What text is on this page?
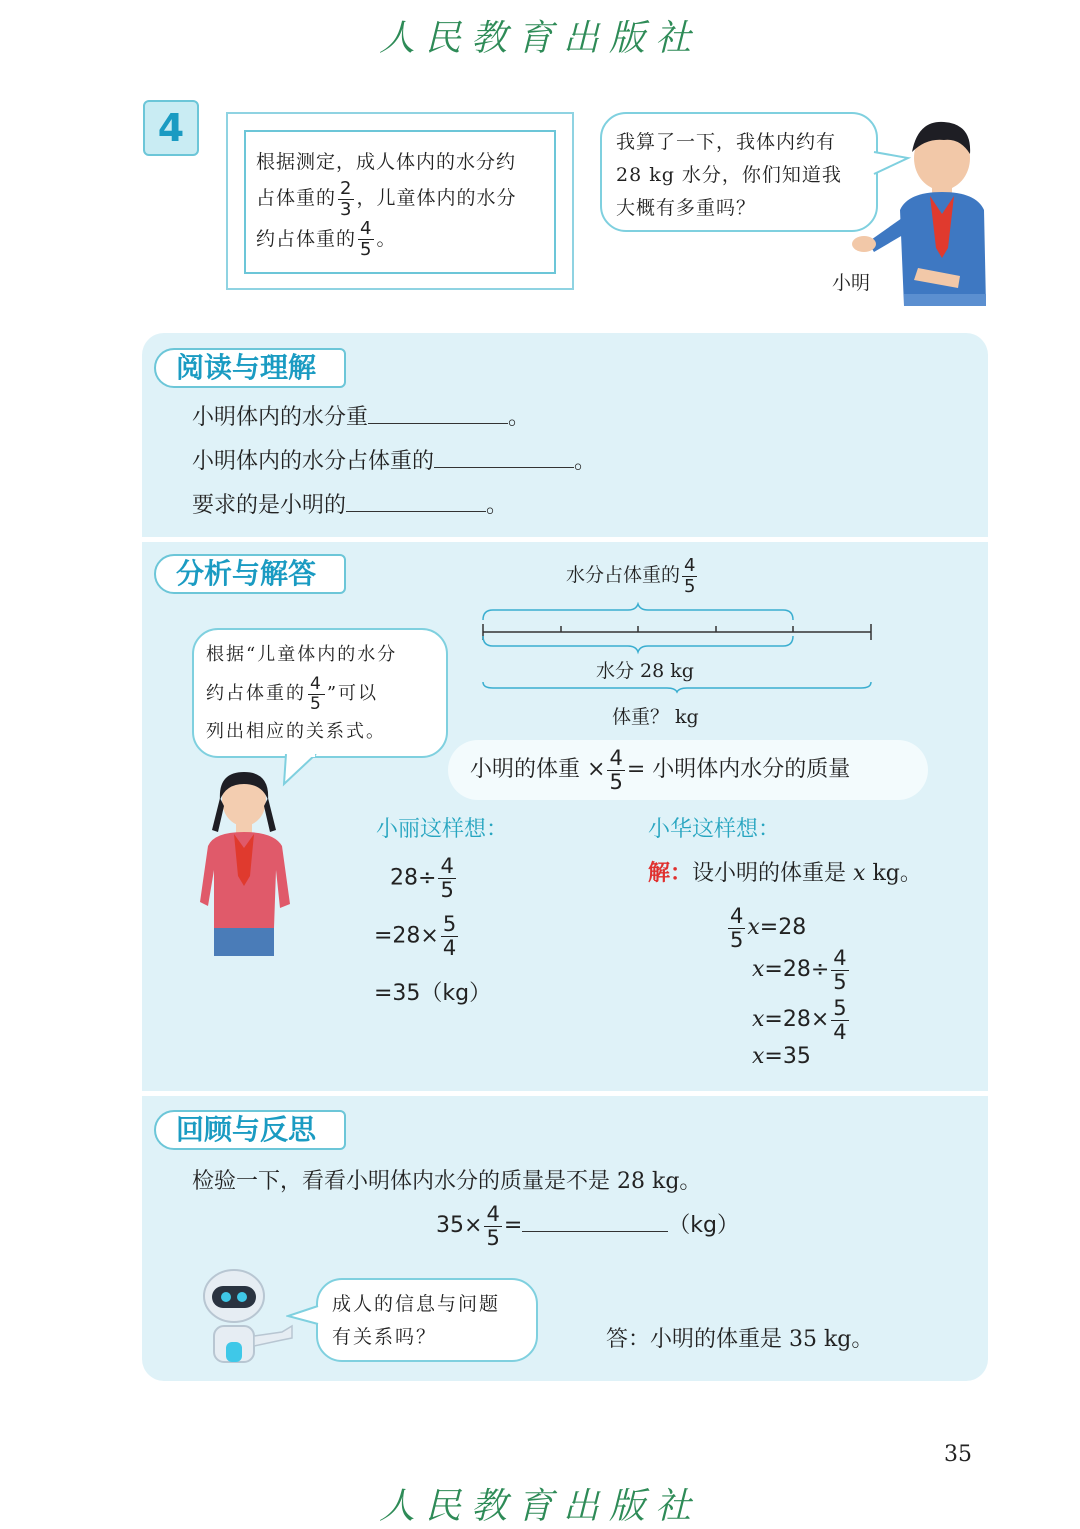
人民教育出版社
4
根据测定，成人体内的水分约
占体重的 $\frac{2}{3}$ ，儿童体内的水分
约占体重的 $\frac{4}{5}$ 。
我算了一下，我体内约有
28 kg 水分，你们知道我
大概有多重吗？
小明
阅读与理解
小明体内的水分重	。
小明体内的水分占体重的	。
要求的是小明的	。
分析与解答	水分占体重的 $\frac{4}{5}$
水分 28 kg
体重？ kg
根据“儿童体内的水分
约占体重的 $\frac{4}{5}$ ”可以
列出相应的关系式。
小明的体重 × $\frac{4}{5}$ = 小明体内水分的质量
小丽这样想：
$28\div \frac{4}{5}$
$=28\times \frac{5}{4}$
=35（kg）
小华这样想：
解：设小明的体重是 x kg。
$\frac{4}{5} x=28$
$x=28\div \frac{4}{5}$
$x=28\times \frac{5}{4}$
x=35
回顾与反思
检验一下，看看小明体内水分的质量是不是 28 kg。
$35\times \frac{4}{5}$ =	（kg）
成人的信息与问题
有关系吗？	答：小明的体重是 35 kg。
35
人民教育出版社
